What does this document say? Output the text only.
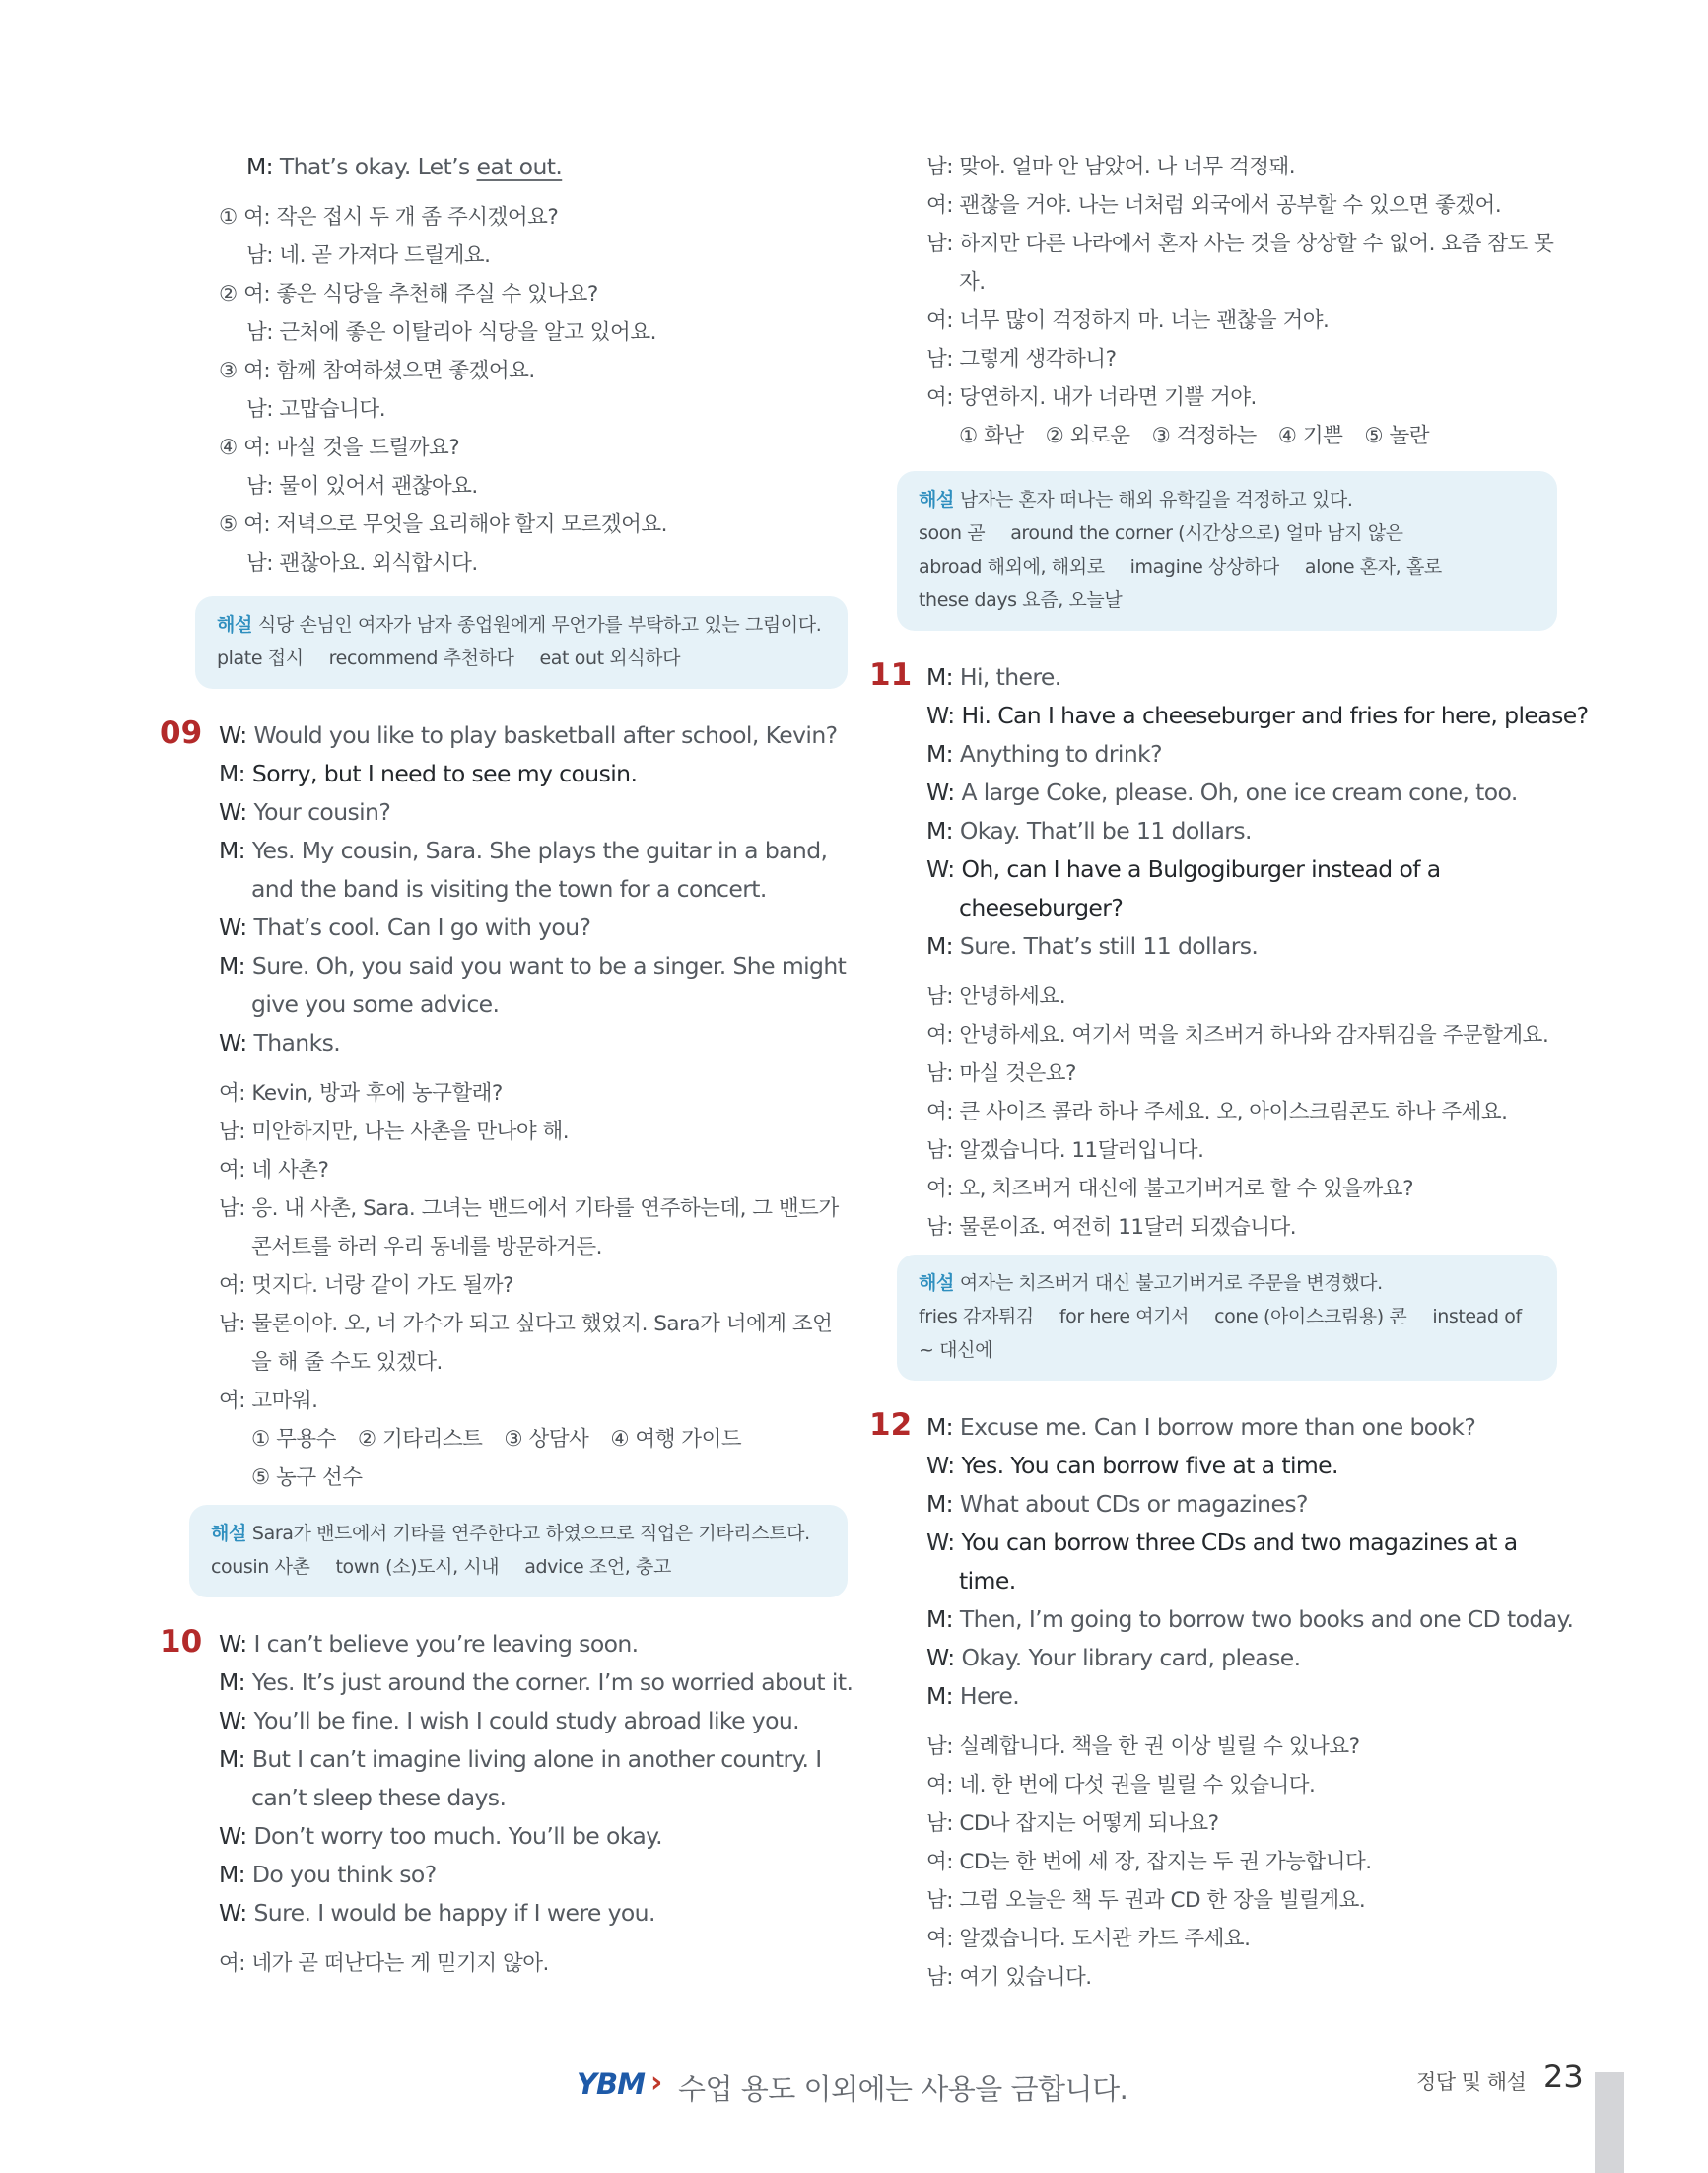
M: That’s okay. Let’s eat out.
① 여: 작은 접시 두 개 좀 주시겠어요?
남: 네. 곧 가져다 드릴게요.
② 여: 좋은 식당을 추천해 주실 수 있나요?
남: 근처에 좋은 이탈리아 식당을 알고 있어요.
③ 여: 함께 참여하셨으면 좋겠어요.
남: 고맙습니다.
④ 여: 마실 것을 드릴까요?
남: 물이 있어서 괜찮아요.
⑤ 여: 저녁으로 무엇을 요리해야 할지 모르겠어요.
남: 괜찮아요. 외식합시다.
해설 식당 손님인 여자가 남자 종업원에게 무언가를 부탁하고 있는 그림이다.
plate 접시 recommend 추천하다 eat out 외식하다
09 W: Would you like to play basketball after school, Kevin?
M: Sorry, but I need to see my cousin.
W: Your cousin?
M: Yes. My cousin, Sara. She plays the guitar in a band, and the band is visiting the town for a concert.
W: That’s cool. Can I go with you?
M: Sure. Oh, you said you want to be a singer. She might give you some advice.
W: Thanks.
여: Kevin, 방과 후에 농구할래?
남: 미안하지만, 나는 사촌을 만나야 해.
여: 네 사촌?
남: 응. 내 사촌, Sara. 그녀는 밴드에서 기타를 연주하는데, 그 밴드가 콘서트를 하러 우리 동네를 방문하거든.
여: 멋지다. 너랑 같이 가도 될까?
남: 물론이야. 오, 너 가수가 되고 싶다고 했었지. Sara가 너에게 조언을 해 줄 수도 있겠다.
여: 고마워.
① 무용수 ② 기타리스트 ③ 상담사 ④ 여행 가이드
⑤ 농구 선수
해설 Sara가 밴드에서 기타를 연주한다고 하였으므로 직업은 기타리스트다.
cousin 사촌 town (소)도시, 시내 advice 조언, 충고
10 W: I can’t believe you’re leaving soon.
M: Yes. It’s just around the corner. I’m so worried about it.
W: You’ll be fine. I wish I could study abroad like you.
M: But I can’t imagine living alone in another country. I can’t sleep these days.
W: Don’t worry too much. You’ll be okay.
M: Do you think so?
W: Sure. I would be happy if I were you.
여: 네가 곧 떠난다는 게 믿기지 않아.
남: 맞아. 얼마 안 남았어. 나 너무 걱정돼.
여: 괜찮을 거야. 나는 너처럼 외국에서 공부할 수 있으면 좋겠어.
남: 하지만 다른 나라에서 혼자 사는 것을 상상할 수 없어. 요즘 잠도 못 자.
여: 너무 많이 걱정하지 마. 너는 괜찮을 거야.
남: 그렇게 생각하니?
여: 당연하지. 내가 너라면 기쁠 거야.
① 화난 ② 외로운 ③ 걱정하는 ④ 기쁜 ⑤ 놀란
해설 남자는 혼자 떠나는 해외 유학길을 걱정하고 있다.
soon 곧 around the corner (시간상으로) 얼마 남지 않은
abroad 해외에, 해외로 imagine 상상하다 alone 혼자, 홀로
these days 요즘, 오늘날
11 M: Hi, there.
W: Hi. Can I have a cheeseburger and fries for here, please?
M: Anything to drink?
W: A large Coke, please. Oh, one ice cream cone, too.
M: Okay. That’ll be 11 dollars.
W: Oh, can I have a Bulgogiburger instead of a cheeseburger?
M: Sure. That’s still 11 dollars.
남: 안녕하세요.
여: 안녕하세요. 여기서 먹을 치즈버거 하나와 감자튀김을 주문할게요.
남: 마실 것은요?
여: 큰 사이즈 콜라 하나 주세요. 오, 아이스크림콘도 하나 주세요.
남: 알겠습니다. 11달러입니다.
여: 오, 치즈버거 대신에 불고기버거로 할 수 있을까요?
남: 물론이죠. 여전히 11달러 되겠습니다.
해설 여자는 치즈버거 대신 불고기버거로 주문을 변경했다.
fries 감자튀김 for here 여기서 cone (아이스크림용) 콘 instead of ~ 대신에
12 M: Excuse me. Can I borrow more than one book?
W: Yes. You can borrow five at a time.
M: What about CDs or magazines?
W: You can borrow three CDs and two magazines at a time.
M: Then, I’m going to borrow two books and one CD today.
W: Okay. Your library card, please.
M: Here.
남: 실례합니다. 책을 한 권 이상 빌릴 수 있나요?
여: 네. 한 번에 다섯 권을 빌릴 수 있습니다.
남: CD나 잡지는 어떻게 되나요?
여: CD는 한 번에 세 장, 잡지는 두 권 가능합니다.
남: 그럼 오늘은 책 두 권과 CD 한 장을 빌릴게요.
여: 알겠습니다. 도서관 카드 주세요.
남: 여기 있습니다.
YBM › 수업 용도 이외에는 사용을 금합니다.	정답 및 해설 23
